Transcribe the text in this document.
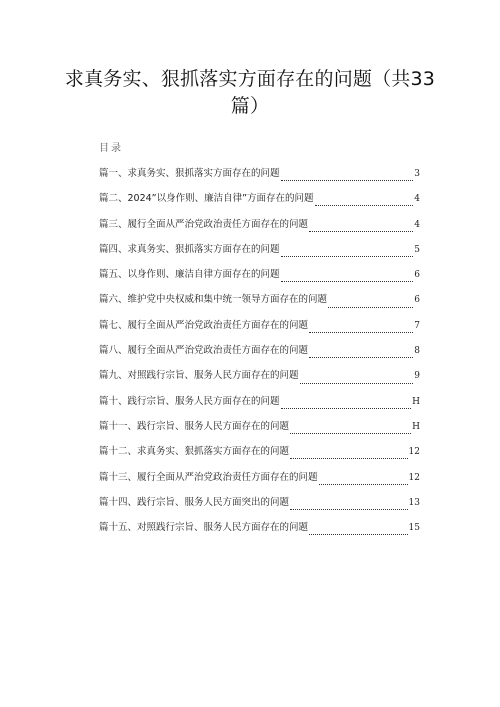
求真务实、狠抓落实方面存在的问题（共33篇）
目录
篇一、求真务实、狠抓落实方面存在的问题	3
篇二、2024”以身作则、廉洁自律”方面存在的问题	4
篇三、履行全面从严治党政治责任方面存在的问题	4
篇四、求真务实、狠抓落实方面存在的问题	5
篇五、以身作则、廉洁自律方面存在的问题	6
篇六、维护党中央权威和集中统一领导方面存在的问题	6
篇七、履行全面从严治党政治责任方面存在的问题	7
篇八、履行全面从严治党政治责任方面存在的问题	8
篇九、对照践行宗旨、服务人民方面存在的问题	9
篇十、践行宗旨、服务人民方面存在的问题	H
篇十一、践行宗旨、服务人民方面存在的问题	H
篇十二、求真务实、狠抓落实方面存在的问题	12
篇十三、履行全面从严治党政治责任方面存在的问题	12
篇十四、践行宗旨、服务人民方面突出的问题	13
篇十五、对照践行宗旨、服务人民方面存在的问题	15
